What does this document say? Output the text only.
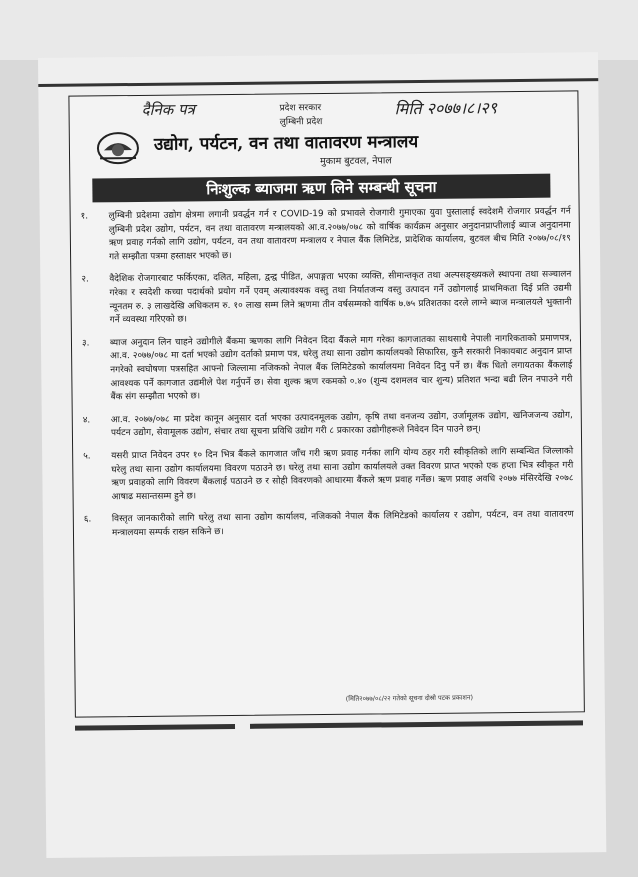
दैनिक पत्र	प्रदेश सरकार
लुम्बिनी प्रदेश
मिति २०७७।८।२९
उद्योग, पर्यटन, वन तथा वातावरण मन्त्रालय
मुकाम बुटवल, नेपाल
निःशुल्क ब्याजमा ऋण लिने सम्बन्धी सूचना
१.	लुम्बिनी प्रदेशमा उद्योग क्षेत्रमा लगानी प्रवर्द्धन गर्न र COVID-19 को प्रभावले रोजगारी गुमाएका युवा पुस्तालाई स्वदेशमै रोजगार प्रवर्द्धन गर्न लुम्बिनी प्रदेश उद्योग, पर्यटन, वन तथा वातावरण मन्त्रालयको आ.व.२०७७/०७८ को वार्षिक कार्यक्रम अनुसार अनुदानप्राप्तीलाई ब्याज अनुदानमा ऋण प्रवाह गर्नको लागि उद्योग, पर्यटन, वन तथा वातावरण मन्त्रालय र नेपाल बैंक लिमिटेड, प्रादेशिक कार्यालय, बुटवल बीच मिति २०७७/०८/१९ गते सम्झौता पत्रमा हस्ताक्षर भएको छ।
२.	वैदेशिक रोजगारबाट फर्किएका, दलित, महिला, द्वन्द्व पीडित, अपाङ्गता भएका व्यक्ति, सीमान्तकृत तथा अल्पसङ्ख्यकले स्थापना तथा सञ्चालन गरेका र स्वदेशी कच्चा पदार्थको प्रयोग गर्ने एवम् अत्यावश्यक वस्तु तथा निर्यातजन्य वस्तु उत्पादन गर्ने उद्योगलाई प्राथमिकता दिई प्रति उद्यमी न्यूनतम रु. ३ लाखदेखि अधिकतम रु. १० लाख सम्म लिने ऋणमा तीन वर्षसम्मको वार्षिक ७.७५ प्रतिशतका दरले लाग्ने ब्याज मन्त्रालयले भुक्तानी गर्ने व्यवस्था गरिएको छ।
३.	ब्याज अनुदान लिन चाहने उद्योगीले बैंकमा ऋणका लागि निवेदन दिदा बैंकले माग गरेका कागजातका साथसाथै नेपाली नागरिकताको प्रमाणपत्र, आ.व. २०७७/०७८ मा दर्ता भएको उद्योग दर्ताको प्रमाण पत्र, घरेलु तथा साना उद्योग कार्यालयको सिफारिस, कुनै सरकारी निकायबाट अनुदान प्राप्त नगरेको स्वघोषणा पत्रसहित आफ्नो जिल्लामा नजिकको नेपाल बैंक लिमिटेडको कार्यालयमा निवेदन दिनु पर्ने छ। बैंक धितो लगायतका बैंकलाई आवश्यक पर्ने कागजात उद्यमीले पेश गर्नुपर्ने छ। सेवा शुल्क ऋण रकमको ०.४० (शुन्य दशमलव चार शुन्य) प्रतिशत भन्दा बढी लिन नपाउने गरी बैंक संग सम्झौता भएको छ।
४.	आ.व. २०७७/०७८ मा प्रदेश कानून अनुसार दर्ता भएका उत्पादनमूलक उद्योग, कृषि तथा वनजन्य उद्योग, उर्जामूलक उद्योग, खनिजजन्य उद्योग, पर्यटन उद्योग, सेवामूलक उद्योग, संचार तथा सूचना प्रविधि उद्योग गरी ८ प्रकारका उद्योगीहरूले निवेदन दिन पाउने छन्।
५.	यसरी प्राप्त निवेदन उपर १० दिन भित्र बैंकले कागजात जाँच गरी ऋण प्रवाह गर्नका लागि योग्य ठहर गरी स्वीकृतिको लागि सम्बन्धित जिल्लाको घरेलु तथा साना उद्योग कार्यालयमा विवरण पठाउने छ। घरेलु तथा साना उद्योग कार्यालयले उक्त विवरण प्राप्त भएको एक हप्ता भित्र स्वीकृत गरी ऋण प्रवाहको लागि विवरण बैंकलाई पठाउने छ र सोही विवरणको आधारमा बैंकले ऋण प्रवाह गर्नेछ। ऋण प्रवाह अवधि २०७७ मंसिरदेखि २०७८ आषाढ मसान्तसम्म हुने छ।
६.	विस्तृत जानकारीको लागि घरेलु तथा साना उद्योग कार्यालय, नजिकको नेपाल बैंक लिमिटेडको कार्यालय र उद्योग, पर्यटन, वन तथा वातावरण मन्त्रालयमा सम्पर्क राख्न सकिने छ।
(मिति२०७७/०८/२२ गतेको सूचना दोस्रो पटक प्रकाशन)
